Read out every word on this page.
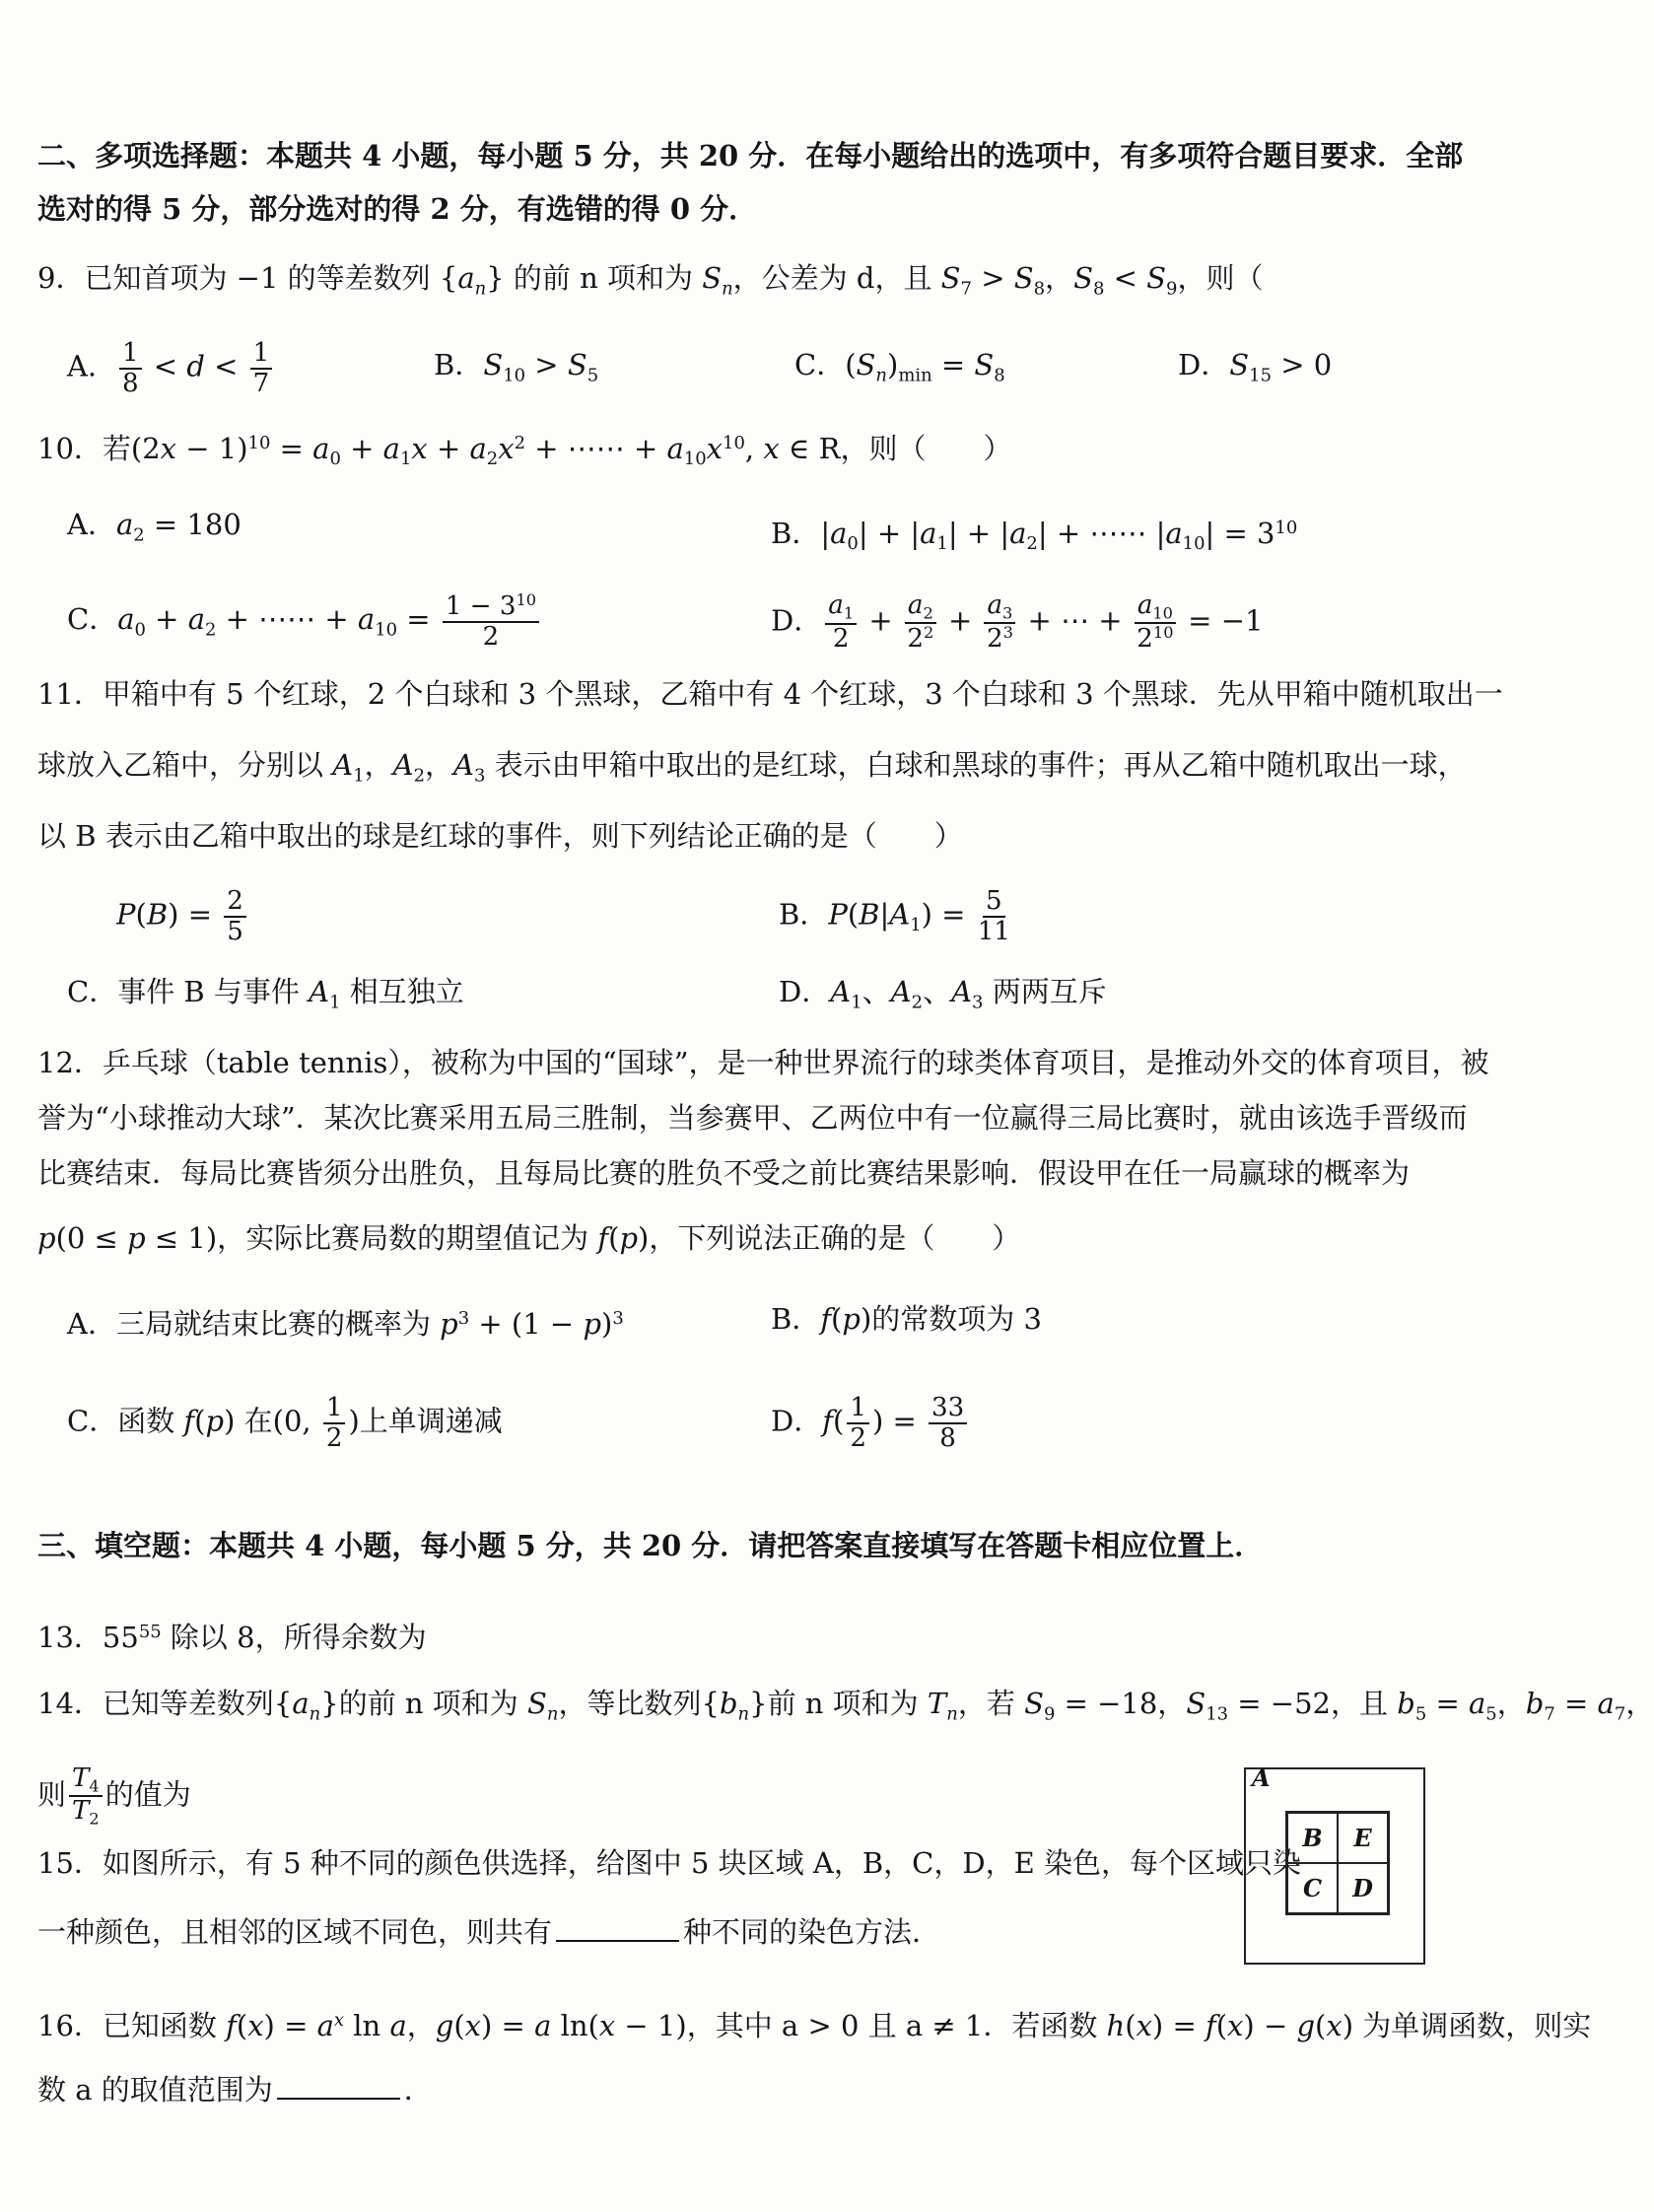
二、多项选择题：本题共 4 小题，每小题 5 分，共 20 分．在每小题给出的选项中，有多项符合题目要求．全部
选对的得 5 分，部分选对的得 2 分，有选错的得 0 分．
9．已知首项为 −1 的等差数列 $\{a_n\}$ 的前 n 项和为 $S_n$，公差为 d，且 $S_7 > S_8$，$S_8 < S_9$，则（
A． $\frac{1}{8} < d < \frac{1}{7}$	B．$S_{10} > S_5$	C．$(S_n)_{min} = S_8$	D．$S_{15} > 0$
10．若$(2x - 1)^{10} = a_0 + a_1x + a_2x^2$ + ⋯⋯ + $a_{10}x^{10}$, x ∈ R，则（　　）
A．$a_2 = 180$	B．$|a_0| + |a_1| + |a_2|$ + ⋯⋯ $|a_{10}| = 3^{10}$
C．$a_0 + a_2$ + ⋯⋯ + $a_{10} = \frac{1 - 3^{10}}{2}$	D． $\frac{a_1}{2} + \frac{a_2}{2^2} + \frac{a_3}{2^3}$ + ⋯ + $\frac{a_{10}}{2^{10}} = -1$
11．甲箱中有 5 个红球，2 个白球和 3 个黑球，乙箱中有 4 个红球，3 个白球和 3 个黑球．先从甲箱中随机取出一
球放入乙箱中，分别以 $A_1$，$A_2$，$A_3$ 表示由甲箱中取出的是红球，白球和黑球的事件；再从乙箱中随机取出一球，
以 B 表示由乙箱中取出的球是红球的事件，则下列结论正确的是（　　）
$P(B) = \frac{2}{5}$	B．$P(B|A_1) = \frac{5}{11}$
C．事件 B 与事件 $A_1$ 相互独立	D．$A_1$、$A_2$、$A_3$ 两两互斥
12．乒乓球（table tennis），被称为中国的“国球”，是一种世界流行的球类体育项目，是推动外交的体育项目，被
誉为“小球推动大球”．某次比赛采用五局三胜制，当参赛甲、乙两位中有一位赢得三局比赛时，就由该选手晋级而
比赛结束．每局比赛皆须分出胜负，且每局比赛的胜负不受之前比赛结果影响．假设甲在任一局赢球的概率为
p(0 ≤ p ≤ 1)，实际比赛局数的期望值记为 f(p)，下列说法正确的是（　　）
A．三局就结束比赛的概率为 $p^3 + (1 - p)^3$	B．f(p)的常数项为 3
C．函数 f(p) 在(0, $\frac{1}{2}$ )上单调递减	D．$f( \frac{1}{2}$ ) = $\frac{33}{8}$
三、填空题：本题共 4 小题，每小题 5 分，共 20 分．请把答案直接填写在答题卡相应位置上．
13．$55^{55}$ 除以 8，所得余数为
14．已知等差数列$\{a_n\}$的前 n 项和为 $S_n$，等比数列$\{b_n\}$前 n 项和为 $T_n$，若 $S_9 = -18$，$S_{13} = -52$，且 $b_5 = a_5$，$b_7 = a_7$，
则 $\frac{T_4}{T_2}$ 的值为
15．如图所示，有 5 种不同的颜色供选择，给图中 5 块区域 A，B，C，D，E 染色，每个区域只染
一种颜色，且相邻的区域不同色，则共有	种不同的染色方法．
A
B	E
C	D
16．已知函数 $f(x) = a^x$ ln a，g(x) = a ln(x − 1)，其中 a > 0 且 a ≠ 1．若函数 h(x) = f(x) − g(x) 为单调函数，则实
数 a 的取值范围为	．
